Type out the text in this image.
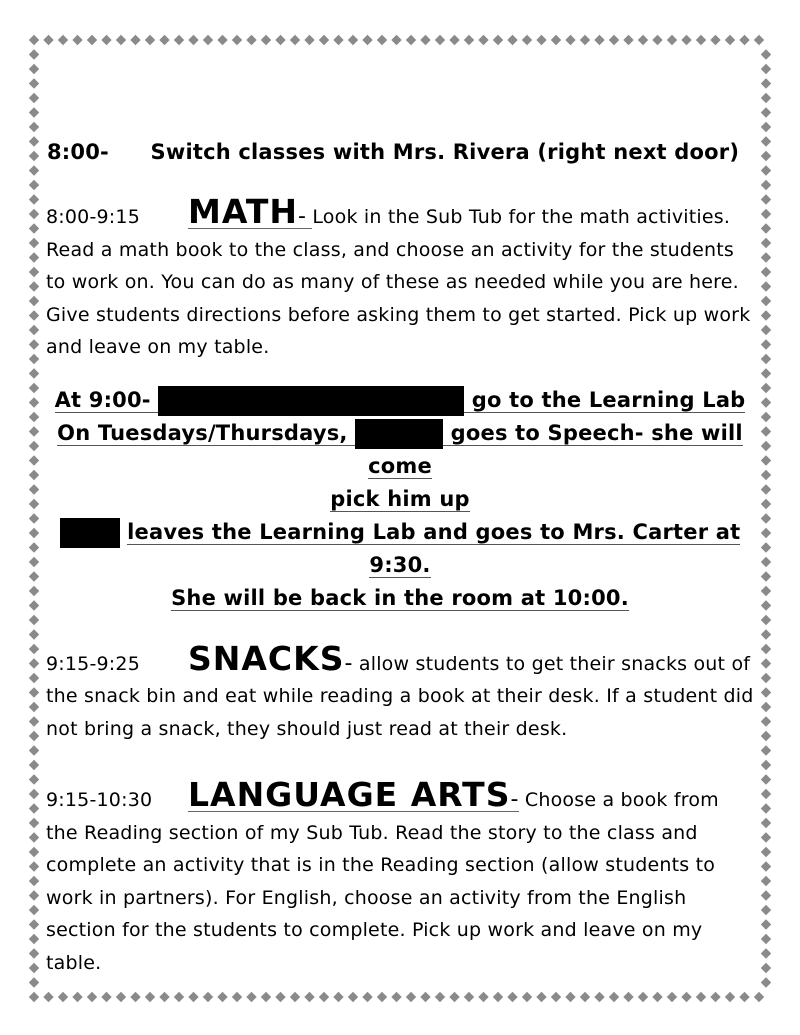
8:00- Switch classes with Mrs. Rivera (right next door)

8:00-9:15 MATH- Look in the Sub Tub for the math activities. Read a math book to the class, and choose an activity for the students to work on. You can do as many of these as needed while you are here. Give students directions before asking them to get started. Pick up work and leave on my table.

At 9:00-	go to the Learning Lab

On Tuesdays/Thursdays,	goes to Speech- she will come

pick him up

leaves the Learning Lab and goes to Mrs. Carter at 9:30.

She will be back in the room at 10:00.

9:15-9:25 SNACKS- allow students to get their snacks out of the snack bin and eat while reading a book at their desk. If a student did not bring a snack, they should just read at their desk.

9:15-10:30 LANGUAGE ARTS- Choose a book from the Reading section of my Sub Tub. Read the story to the class and complete an activity that is in the Reading section (allow students to work in partners). For English, choose an activity from the English section for the students to complete. Pick up work and leave on my table.
